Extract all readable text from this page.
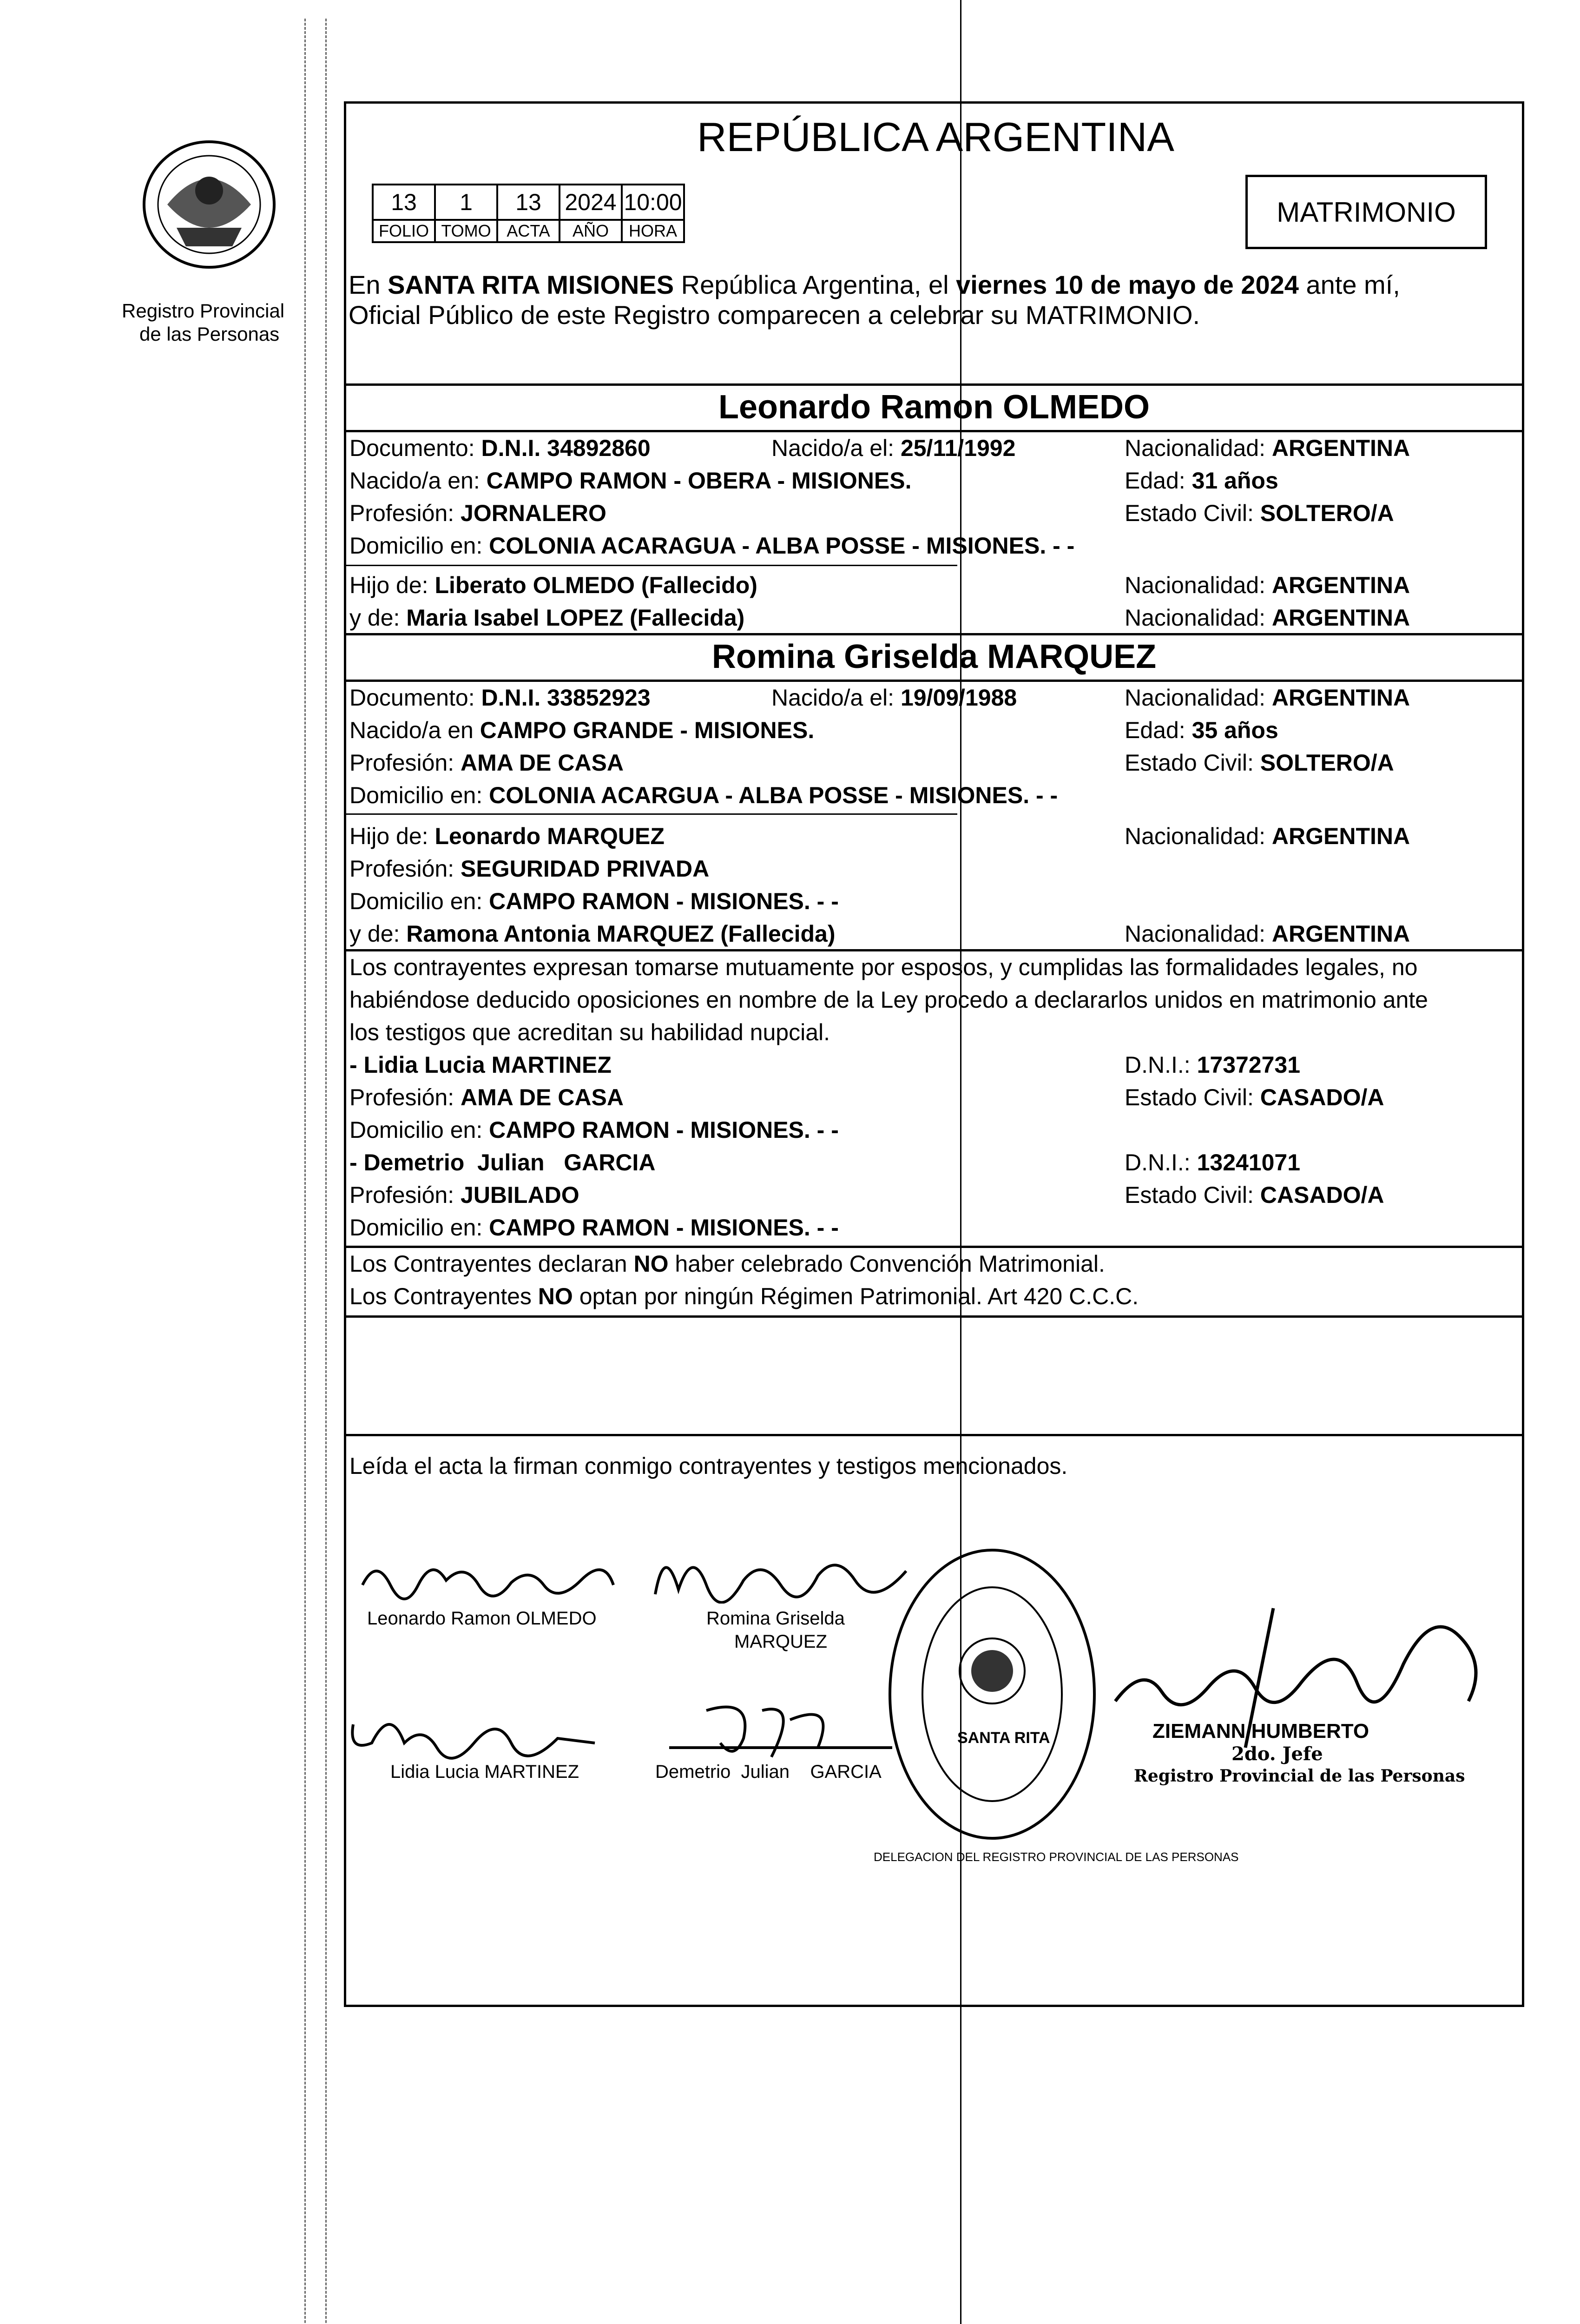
Registro Provincial
de las Personas
REPÚBLICA ARGENTINA
13	1	13	2024	10:00
FOLIO	TOMO	ACTA	AÑO	HORA
MATRIMONIO
En SANTA RITA MISIONES República Argentina, el viernes 10 de mayo de 2024 ante mí,
Oficial Público de este Registro comparecen a celebrar su MATRIMONIO.
Leonardo Ramon OLMEDO
Documento: D.N.I. 34892860	Nacido/a el: 25/11/1992	Nacionalidad: ARGENTINA
Nacido/a en: CAMPO RAMON - OBERA - MISIONES.	Edad: 31 años
Profesión: JORNALERO	Estado Civil: SOLTERO/A
Domicilio en: COLONIA ACARAGUA - ALBA POSSE - MISIONES. - -
Hijo de: Liberato OLMEDO (Fallecido)	Nacionalidad: ARGENTINA
y de: Maria Isabel LOPEZ (Fallecida)	Nacionalidad: ARGENTINA
Romina Griselda MARQUEZ
Documento: D.N.I. 33852923	Nacido/a el: 19/09/1988	Nacionalidad: ARGENTINA
Nacido/a en CAMPO GRANDE - MISIONES.	Edad: 35 años
Profesión: AMA DE CASA	Estado Civil: SOLTERO/A
Domicilio en: COLONIA ACARGUA - ALBA POSSE - MISIONES. - -
Hijo de: Leonardo MARQUEZ	Nacionalidad: ARGENTINA
Profesión: SEGURIDAD PRIVADA
Domicilio en: CAMPO RAMON - MISIONES. - -
y de: Ramona Antonia MARQUEZ (Fallecida)	Nacionalidad: ARGENTINA
Los contrayentes expresan tomarse mutuamente por esposos, y cumplidas las formalidades legales, no
habiéndose deducido oposiciones en nombre de la Ley procedo a declararlos unidos en matrimonio ante
los testigos que acreditan su habilidad nupcial.
- Lidia Lucia MARTINEZ	D.N.I.: 17372731
Profesión: AMA DE CASA	Estado Civil: CASADO/A
Domicilio en: CAMPO RAMON - MISIONES. - -
- Demetrio  Julian   GARCIA	D.N.I.: 13241071
Profesión: JUBILADO	Estado Civil: CASADO/A
Domicilio en: CAMPO RAMON - MISIONES. - -
Los Contrayentes declaran NO haber celebrado Convención Matrimonial.
Los Contrayentes NO optan por ningún Régimen Patrimonial. Art 420 C.C.C.
Leída el acta la firman conmigo contrayentes y testigos mencionados.
Leonardo Ramon OLMEDO	Romina Griselda
MARQUEZ
Lidia Lucia MARTINEZ	Demetrio  Julian    GARCIA
DELEGACION DEL REGISTRO PROVINCIAL DE LAS PERSONAS
SANTA RITA	ZIEMANN HUMBERTO
2do. Jefe
Registro Provincial de las Personas
